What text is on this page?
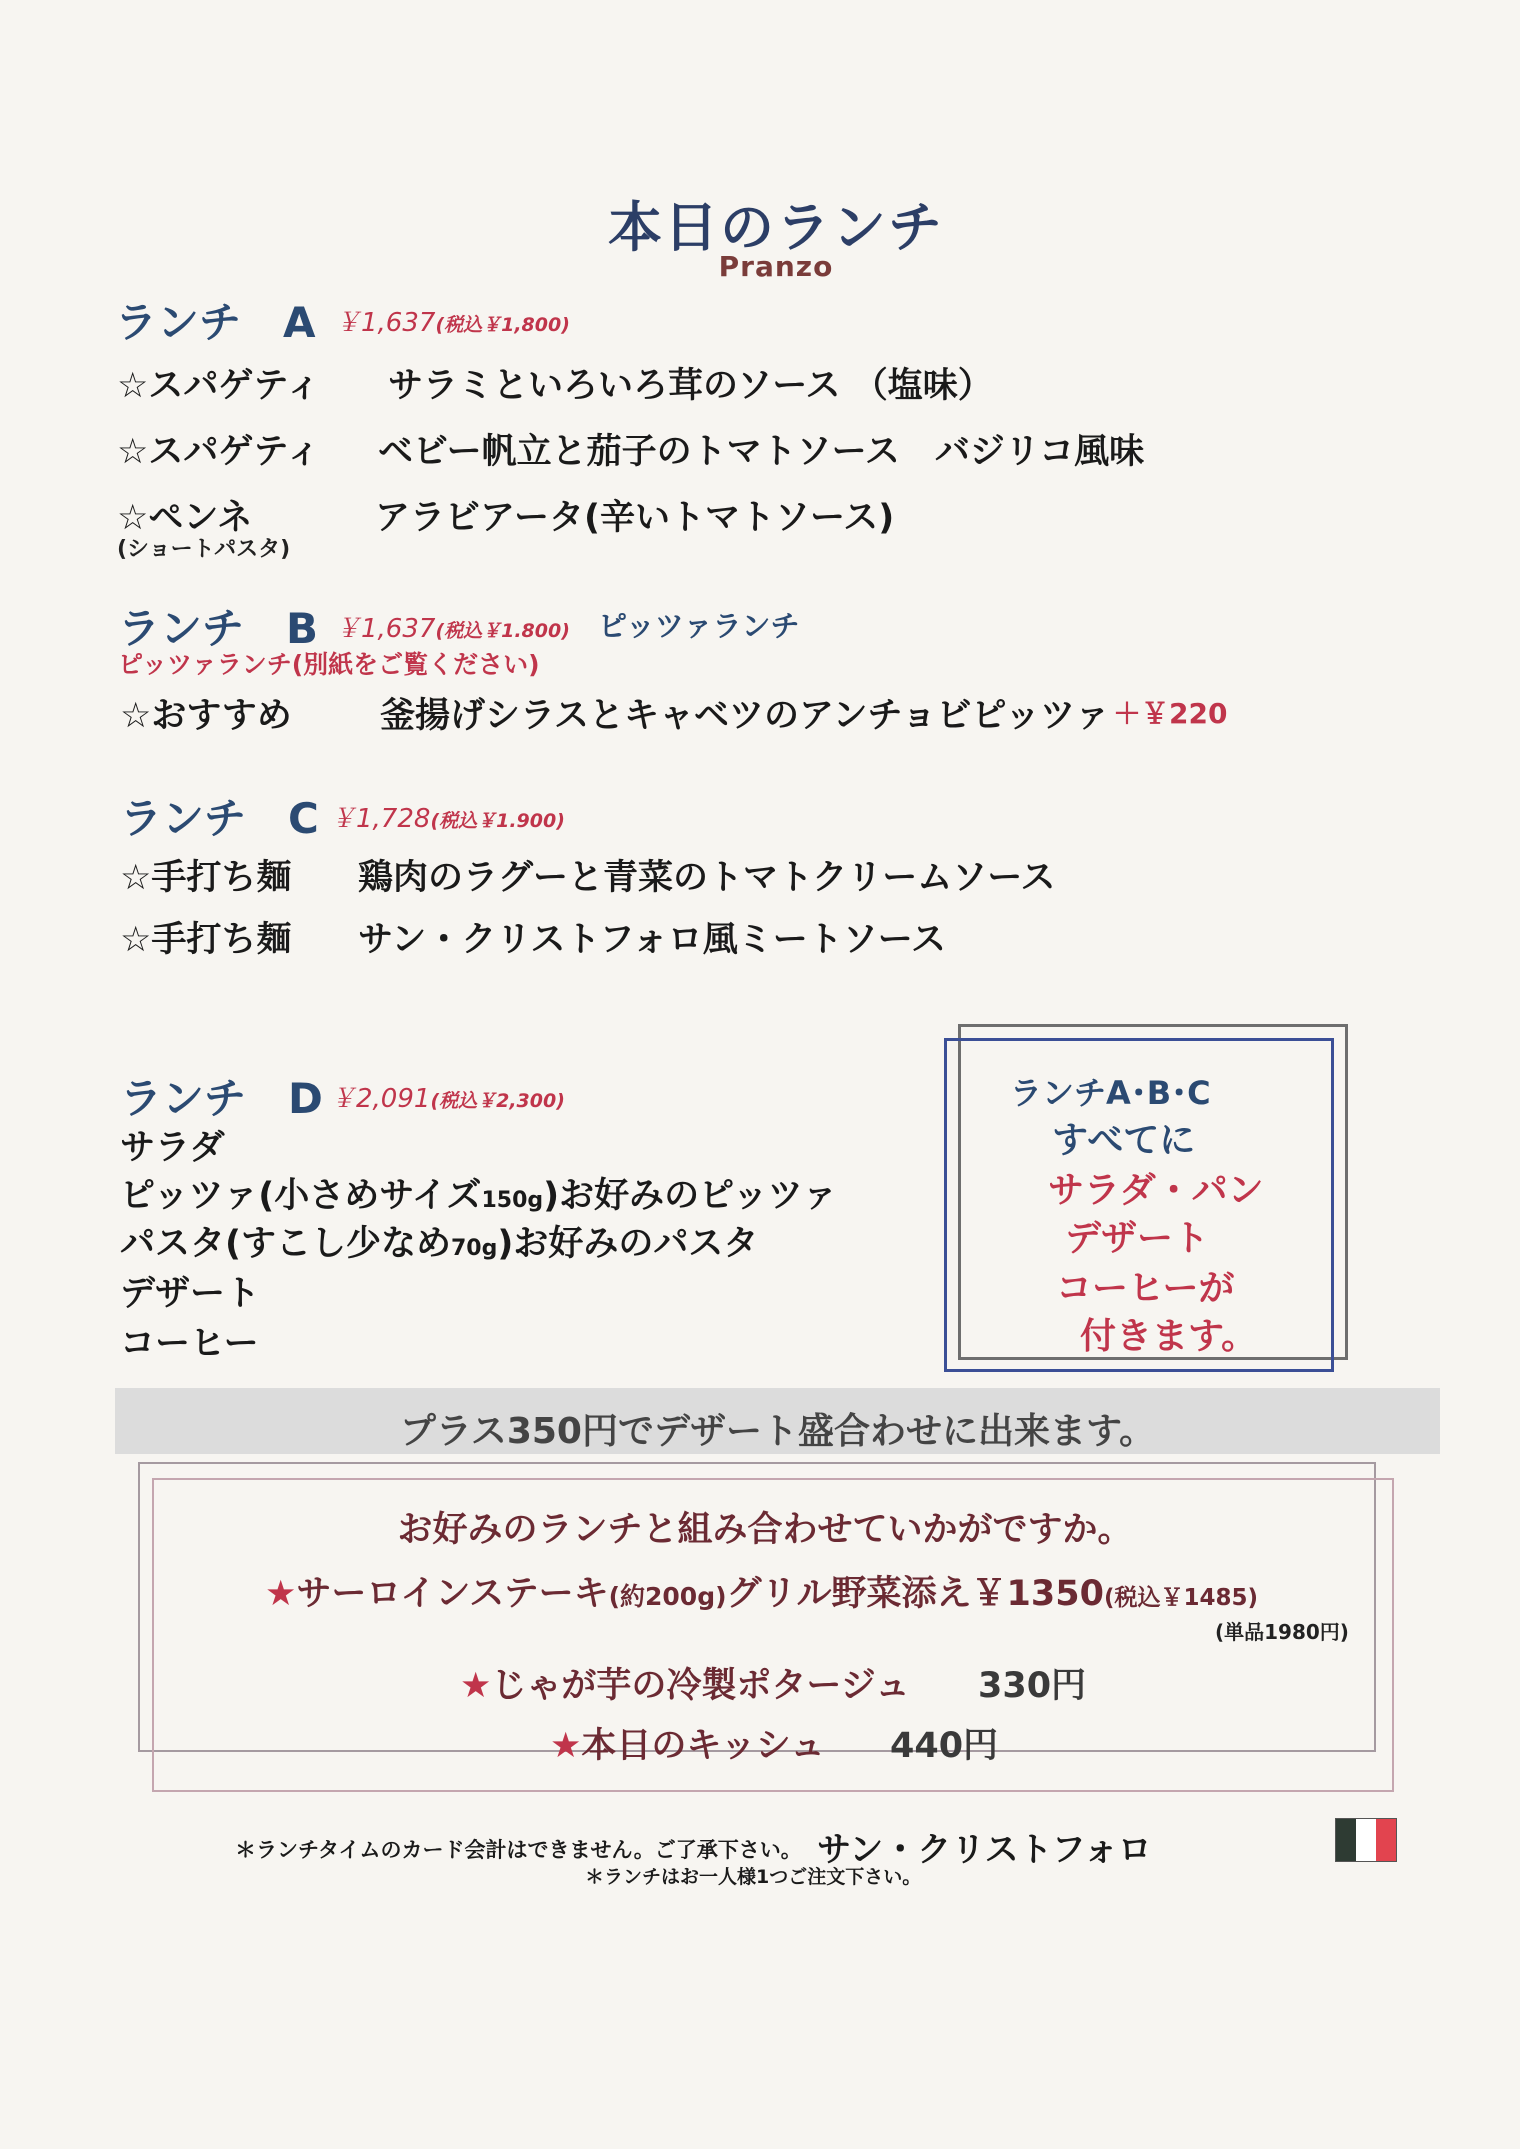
本日のランチ
Pranzo
ランチ　A ￥1,637(税込￥1,800)
☆スパゲティ サラミといろいろ茸のソース （塩味）
☆スパゲティ ベビー帆立と茄子のトマトソース　バジリコ風味
☆ペンネ
(ショートパスタ)
アラビアータ(辛いトマトソース)
ランチ　B ￥1,637(税込￥1.800) ピッツァランチ
ピッツァランチ(別紙をご覧ください)
☆おすすめ	釜揚げシラスとキャベツのアンチョビピッツァ ＋￥220
ランチ　C ￥1,728(税込￥1.900)
☆手打ち麺 鶏肉のラグーと青菜のトマトクリームソース
☆手打ち麺 サン・クリストフォロ風ミートソース
ランチ　D ￥2,091(税込￥2,300)
サラダ
ピッツァ(小さめサイズ150g)お好みのピッツァ
パスタ(すこし少なめ70g)お好みのパスタ
デザート
コーヒー
ランチA･B･C
すべてに
サラダ・パン
デザート
コーヒーが
付きます。
プラス350円でデザート盛合わせに出来ます。
お好みのランチと組み合わせていかがですか。
★サーロインステーキ(約200g)グリル野菜添え￥1350(税込￥1485)
(単品1980円)
★じゃが芋の冷製ポタージュ 330円
★本日のキッシュ 440円
＊ランチタイムのカード会計はできません。ご了承下さい。 サン・クリストフォロ
＊ランチはお一人様1つご注文下さい。
